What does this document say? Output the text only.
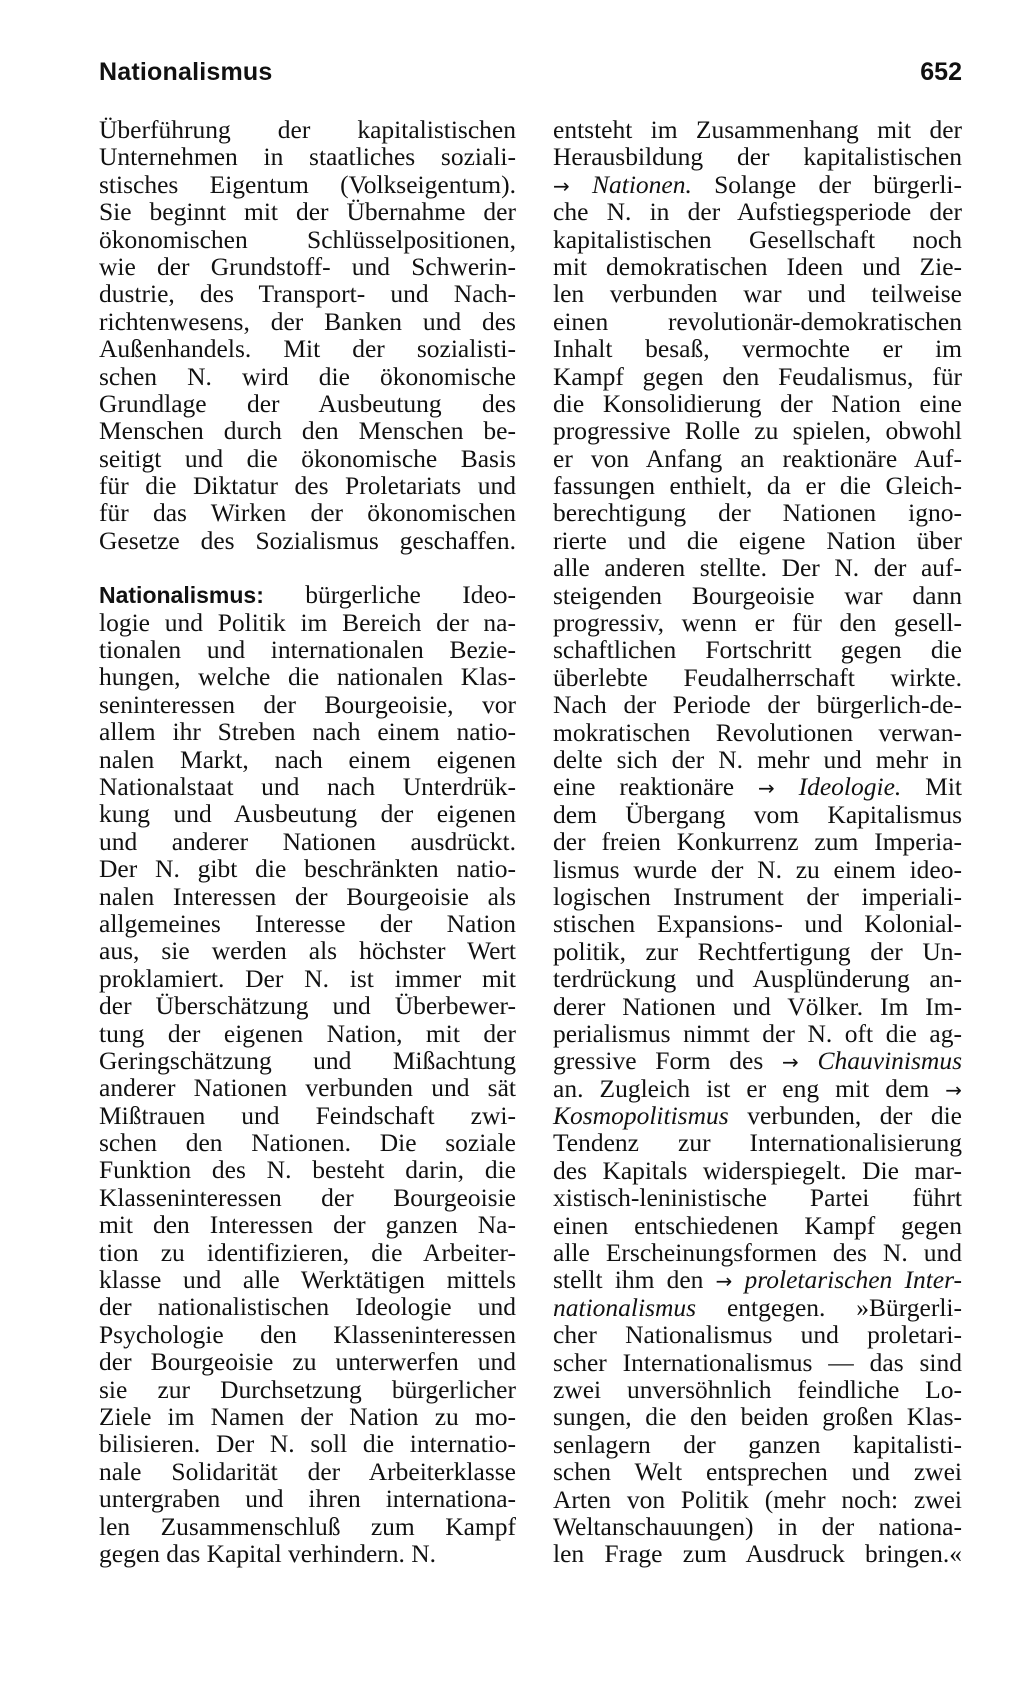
Nationalismus	652
Überführung der kapitalistischen
Unternehmen in staatliches soziali-
stisches Eigentum (Volkseigentum).
Sie beginnt mit der Übernahme der
ökonomischen Schlüsselpositionen,
wie der Grundstoff- und Schwerin-
dustrie, des Transport- und Nach-
richtenwesens, der Banken und des
Außenhandels. Mit der sozialisti-
schen N. wird die ökonomische
Grundlage der Ausbeutung des
Menschen durch den Menschen be-
seitigt und die ökonomische Basis
für die Diktatur des Proletariats und
für das Wirken der ökonomischen
Gesetze des Sozialismus geschaffen.
Nationalismus: bürgerliche Ideo-
logie und Politik im Bereich der na-
tionalen und internationalen Bezie-
hungen, welche die nationalen Klas-
seninteressen der Bourgeoisie, vor
allem ihr Streben nach einem natio-
nalen Markt, nach einem eigenen
Nationalstaat und nach Unterdrük-
kung und Ausbeutung der eigenen
und anderer Nationen ausdrückt.
Der N. gibt die beschränkten natio-
nalen Interessen der Bourgeoisie als
allgemeines Interesse der Nation
aus, sie werden als höchster Wert
proklamiert. Der N. ist immer mit
der Überschätzung und Überbewer-
tung der eigenen Nation, mit der
Geringschätzung und Mißachtung
anderer Nationen verbunden und sät
Mißtrauen und Feindschaft zwi-
schen den Nationen. Die soziale
Funktion des N. besteht darin, die
Klasseninteressen der Bourgeoisie
mit den Interessen der ganzen Na-
tion zu identifizieren, die Arbeiter-
klasse und alle Werktätigen mittels
der nationalistischen Ideologie und
Psychologie den Klasseninteressen
der Bourgeoisie zu unterwerfen und
sie zur Durchsetzung bürgerlicher
Ziele im Namen der Nation zu mo-
bilisieren. Der N. soll die internatio-
nale Solidarität der Arbeiterklasse
untergraben und ihren internationa-
len Zusammenschluß zum Kampf
gegen das Kapital verhindern. N.
entsteht im Zusammenhang mit der
Herausbildung der kapitalistischen
→ Nationen. Solange der bürgerli-
che N. in der Aufstiegsperiode der
kapitalistischen Gesellschaft noch
mit demokratischen Ideen und Zie-
len verbunden war und teilweise
einen revolutionär-demokratischen
Inhalt besaß, vermochte er im
Kampf gegen den Feudalismus, für
die Konsolidierung der Nation eine
progressive Rolle zu spielen, obwohl
er von Anfang an reaktionäre Auf-
fassungen enthielt, da er die Gleich-
berechtigung der Nationen igno-
rierte und die eigene Nation über
alle anderen stellte. Der N. der auf-
steigenden Bourgeoisie war dann
progressiv, wenn er für den gesell-
schaftlichen Fortschritt gegen die
überlebte Feudalherrschaft wirkte.
Nach der Periode der bürgerlich-de-
mokratischen Revolutionen verwan-
delte sich der N. mehr und mehr in
eine reaktionäre → Ideologie. Mit
dem Übergang vom Kapitalismus
der freien Konkurrenz zum Imperia-
lismus wurde der N. zu einem ideo-
logischen Instrument der imperiali-
stischen Expansions- und Kolonial-
politik, zur Rechtfertigung der Un-
terdrückung und Ausplünderung an-
derer Nationen und Völker. Im Im-
perialismus nimmt der N. oft die ag-
gressive Form des → Chauvinismus
an. Zugleich ist er eng mit dem →
Kosmopolitismus verbunden, der die
Tendenz zur Internationalisierung
des Kapitals widerspiegelt. Die mar-
xistisch-leninistische Partei führt
einen entschiedenen Kampf gegen
alle Erscheinungsformen des N. und
stellt ihm den → proletarischen Inter-
nationalismus entgegen. »Bürgerli-
cher Nationalismus und proletari-
scher Internationalismus — das sind
zwei unversöhnlich feindliche Lo-
sungen, die den beiden großen Klas-
senlagern der ganzen kapitalisti-
schen Welt entsprechen und zwei
Arten von Politik (mehr noch: zwei
Weltanschauungen) in der nationa-
len Frage zum Ausdruck bringen.«
